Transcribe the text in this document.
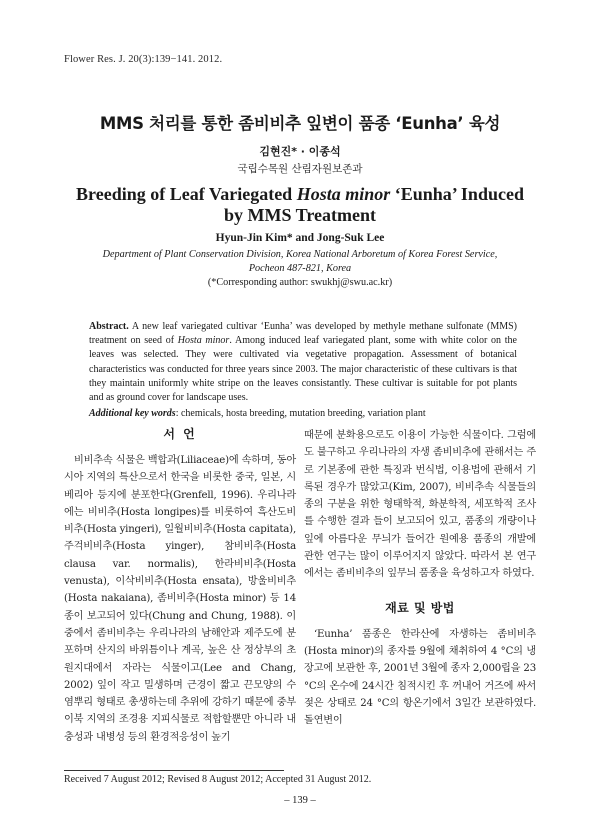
Flower Res. J. 20(3):139−141. 2012.
MMS 처리를 통한 좀비비추 잎변이 품종 ‘Eunha’ 육성
김현진* · 이종석
국립수목원 산림자원보존과
Breeding of Leaf Variegated Hosta minor ‘Eunha’ Induced
by MMS Treatment
Hyun-Jin Kim* and Jong-Suk Lee
Department of Plant Conservation Division, Korea National Arboretum of Korea Forest Service,
Pocheon 487-821, Korea
(*Corresponding author: swukhj@swu.ac.kr)
Abstract. A new leaf variegated cultivar ‘Eunha’ was developed by methyle methane sulfonate (MMS) treatment on seed of Hosta minor. Among induced leaf variegated plant, some with white color on the leaves was selected. They were cultivated via vegetative propagation. Assessment of botanical characteristics was conducted for three years since 2003. The major characteristic of these cultivars is that they maintain uniformly white stripe on the leaves consistantly. These cultivar is suitable for pot plants and as ground cover for landscape uses.
Additional key words: chemicals, hosta breeding, mutation breeding, variation plant
서 언
비비추속 식물은 백합과(Liliaceae)에 속하며, 동아시아 지역의 특산으로서 한국을 비롯한 중국, 일본, 시베리아 등지에 분포한다(Grenfell, 1996). 우리나라에는 비비추(Hosta longipes)를 비롯하여 흑산도비비추(Hosta yingeri), 일월비비추(Hosta capitata), 주걱비비추(Hosta yinger), 참비비추(Hosta clausa var. normalis), 한라비비추(Hosta venusta), 이삭비비추(Hosta ensata), 방울비비추(Hosta nakaiana), 좀비비추(Hosta minor) 등 14종이 보고되어 있다(Chung and Chung, 1988). 이 중에서 좀비비추는 우리나라의 남해안과 제주도에 분포하며 산지의 바위틈이나 계곡, 높은 산 정상부의 초원지대에서 자라는 식물이고(Lee and Chang, 2002) 잎이 작고 밀생하며 근경이 짧고 끈모양의 수염뿌리 형태로 총생하는데 추위에 강하기 때문에 중부이북 지역의 조경용 지피식물로 적합할뿐만 아니라 내충성과 내병성 등의 환경적응성이 높기
때문에 분화용으로도 이용이 가능한 식물이다. 그럼에도 불구하고 우리나라의 자생 좀비비추에 관해서는 주로 기본종에 관한 특징과 번식법, 이용법에 관해서 기록된 경우가 많았고(Kim, 2007), 비비추속 식물들의 종의 구분을 위한 형태학적, 화분학적, 세포학적 조사를 수행한 결과 들이 보고되어 있고, 품종의 개량이나 잎에 아름다운 무늬가 들어간 원예용 품종의 개발에 관한 연구는 많이 이루어지지 않았다. 따라서 본 연구에서는 좀비비추의 잎무늬 품종을 육성하고자 하였다.
재료 및 방법
‘Eunha’ 품종은 한라산에 자생하는 좀비비추(Hosta minor)의 종자를 9월에 채취하여 4 °C의 냉장고에 보관한 후, 2001년 3월에 종자 2,000립을 23 °C의 온수에 24시간 침적시킨 후 꺼내어 거즈에 싸서 젖은 상태로 24 °C의 항온기에서 3일간 보관하였다. 돌연변이
Received 7 August 2012; Revised 8 August 2012; Accepted 31 August 2012.
– 139 –
